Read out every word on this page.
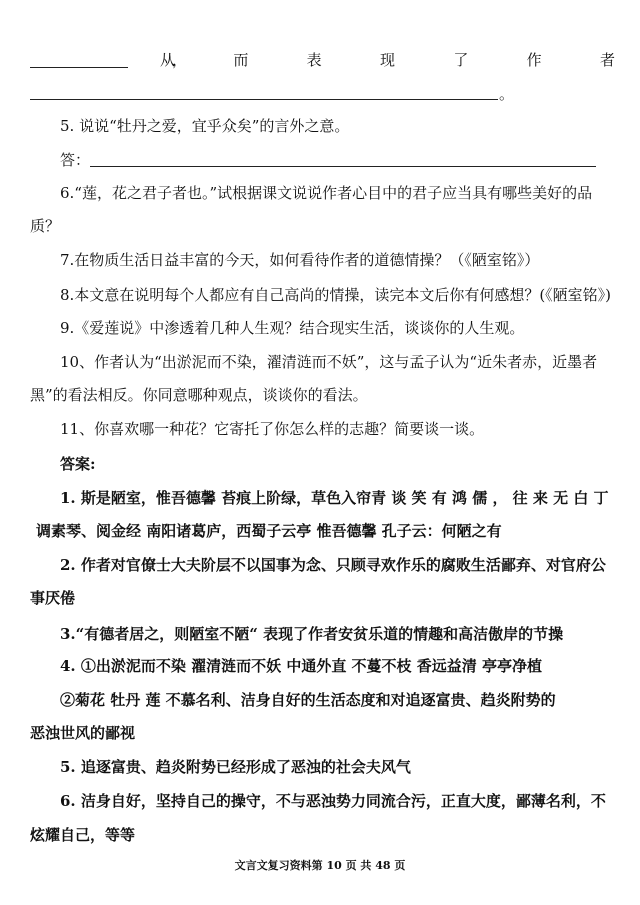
，
从	而	表	现	了	作	者
。
5. 说说“牡丹之爱，宜乎众矣”的言外之意。
答：
6.“莲，花之君子者也。”试根据课文说说作者心目中的君子应当具有哪些美好的品
质？
7.在物质生活日益丰富的今天，如何看待作者的道德情操？（《陋室铭》）
8.本文意在说明每个人都应有自己高尚的情操，读完本文后你有何感想？(《陋室铭》)
9.《爱莲说》中渗透着几种人生观？结合现实生活，谈谈你的人生观。
10、作者认为“出淤泥而不染，濯清涟而不妖”，这与孟子认为“近朱者赤，近墨者
黑”的看法相反。你同意哪种观点，谈谈你的看法。
11、你喜欢哪一种花？它寄托了你怎么样的志趣？简要谈一谈。
答案:
1. 斯是陋室，惟吾德馨 苔痕上阶绿，草色入帘青 谈 笑 有 鸿 儒 ， 往 来 无 白 丁
调素琴、阅金经 南阳诸葛庐，西蜀子云亭 惟吾德馨 孔子云：何陋之有
2. 作者对官僚士大夫阶层不以国事为念、只顾寻欢作乐的腐败生活鄙弃、对官府公
事厌倦
3.“有德者居之，则陋室不陋“ 表现了作者安贫乐道的情趣和高洁傲岸的节操
4. ①出淤泥而不染 濯清涟而不妖 中通外直 不蔓不枝 香远益清 亭亭净植
②菊花 牡丹 莲 不慕名利、洁身自好的生活态度和对追逐富贵、趋炎附势的
恶浊世风的鄙视
5. 追逐富贵、趋炎附势已经形成了恶浊的社会夫风气
6. 洁身自好，坚持自己的操守，不与恶浊势力同流合污，正直大度，鄙薄名利，不
炫耀自己，等等
文言文复习资料第 10 页 共 48 页
